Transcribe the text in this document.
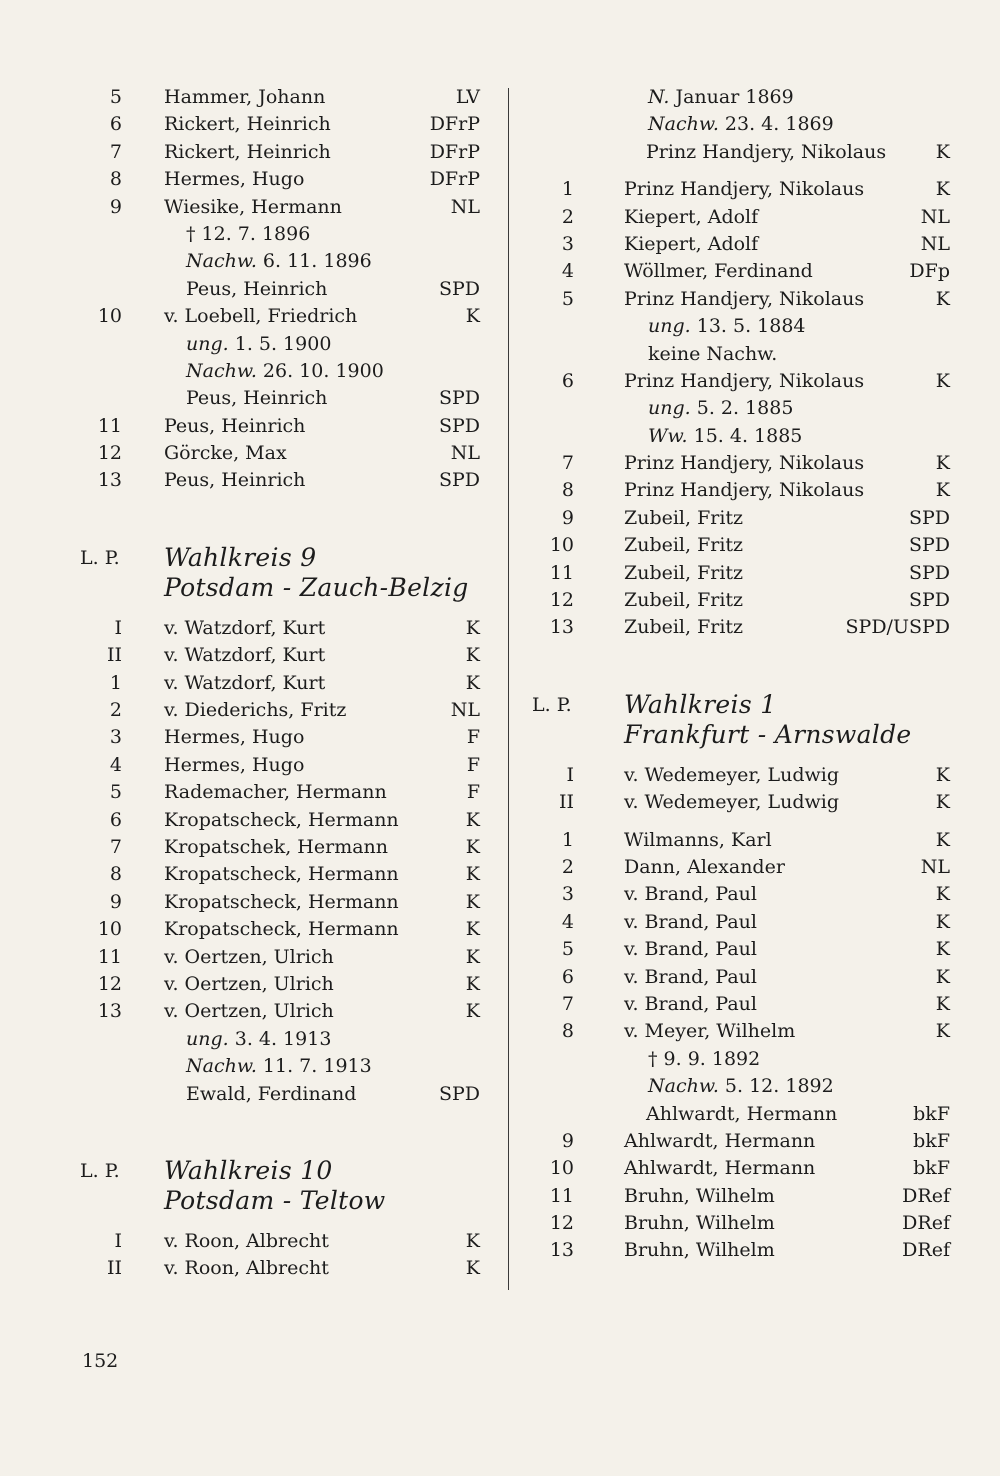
5 Hammer, Johann	LV
6 Rickert, Heinrich	DFrP
7 Rickert, Heinrich	DFrP
8 Hermes, Hugo	DFrP
9 Wiesike, Hermann	NL
† 12. 7. 1896
Nachw. 6. 11. 1896
Peus, Heinrich	SPD
10 v. Loebell, Friedrich	K
ung. 1. 5. 1900
Nachw. 26. 10. 1900
Peus, Heinrich	SPD
11 Peus, Heinrich	SPD
12 Görcke, Max	NL
13 Peus, Heinrich	SPD
L. P. Wahlkreis 9
Potsdam - Zauch-Belzig
I v. Watzdorf, Kurt	K
II v. Watzdorf, Kurt	K
1 v. Watzdorf, Kurt	K
2 v. Diederichs, Fritz	NL
3 Hermes, Hugo	F
4 Hermes, Hugo	F
5 Rademacher, Hermann	F
6 Kropatscheck, Hermann	K
7 Kropatschek, Hermann	K
8 Kropatscheck, Hermann	K
9 Kropatscheck, Hermann	K
10 Kropatscheck, Hermann	K
11 v. Oertzen, Ulrich	K
12 v. Oertzen, Ulrich	K
13 v. Oertzen, Ulrich	K
ung. 3. 4. 1913
Nachw. 11. 7. 1913
Ewald, Ferdinand	SPD
L. P. Wahlkreis 10
Potsdam - Teltow
I v. Roon, Albrecht	K
II v. Roon, Albrecht	K
N. Januar 1869
Nachw. 23. 4. 1869
Prinz Handjery, Nikolaus	K
1	Prinz Handjery, Nikolaus	K
2	Kiepert, Adolf	NL
3	Kiepert, Adolf	NL
4	Wöllmer, Ferdinand	DFp
5	Prinz Handjery, Nikolaus	K
ung. 13. 5. 1884
keine Nachw.
6	Prinz Handjery, Nikolaus	K
ung. 5. 2. 1885
Ww. 15. 4. 1885
7	Prinz Handjery, Nikolaus	K
8	Prinz Handjery, Nikolaus	K
9	Zubeil, Fritz	SPD
10	Zubeil, Fritz	SPD
11	Zubeil, Fritz	SPD
12	Zubeil, Fritz	SPD
13	Zubeil, Fritz	SPD/USPD
L. P. Wahlkreis 1
Frankfurt - Arnswalde
I	v. Wedemeyer, Ludwig	K
II	v. Wedemeyer, Ludwig	K
1	Wilmanns, Karl	K
2	Dann, Alexander	NL
3	v. Brand, Paul	K
4	v. Brand, Paul	K
5	v. Brand, Paul	K
6	v. Brand, Paul	K
7	v. Brand, Paul	K
8	v. Meyer, Wilhelm	K
† 9. 9. 1892
Nachw. 5. 12. 1892
Ahlwardt, Hermann	bkF
9	Ahlwardt, Hermann	bkF
10	Ahlwardt, Hermann	bkF
11	Bruhn, Wilhelm	DRef
12	Bruhn, Wilhelm	DRef
13	Bruhn, Wilhelm	DRef
152
